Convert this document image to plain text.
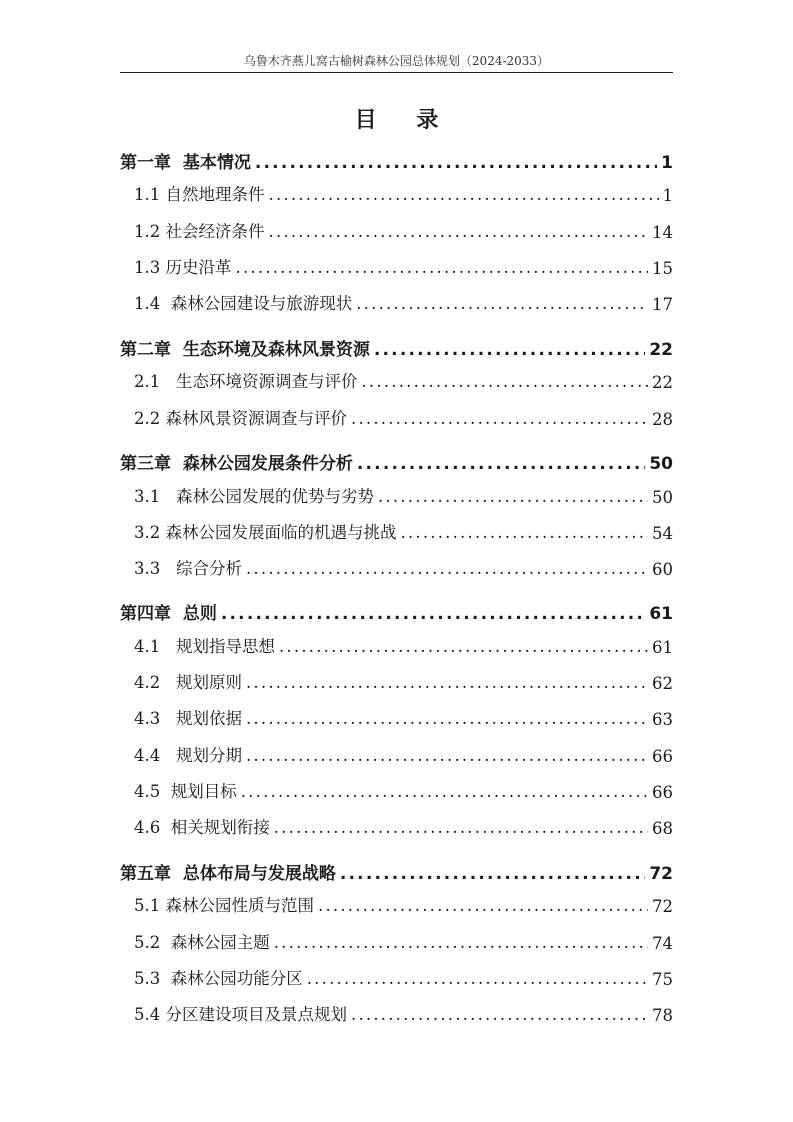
乌鲁木齐燕儿窝古榆树森林公园总体规划（2024-2033）
目 录
第一章  基本情况 .....	1
1.1 自然地理条件 .....	1
1.2 社会经济条件 .....	14
1.3 历史沿革 .....	15
1.4  森林公园建设与旅游现状 .....	17
第二章  生态环境及森林风景资源 .....	22
2.1   生态环境资源调查与评价 .....	22
2.2 森林风景资源调查与评价 .....	28
第三章  森林公园发展条件分析 .....	50
3.1   森林公园发展的优势与劣势 .....	50
3.2 森林公园发展面临的机遇与挑战 .....	54
3.3   综合分析 .....	60
第四章  总则 .....	61
4.1   规划指导思想 .....	61
4.2   规划原则 .....	62
4.3   规划依据 .....	63
4.4   规划分期 .....	66
4.5  规划目标 .....	66
4.6  相关规划衔接 .....	68
第五章  总体布局与发展战略 .....	72
5.1 森林公园性质与范围 .....	72
5.2  森林公园主题 .....	74
5.3  森林公园功能分区 .....	75
5.4 分区建设项目及景点规划 .....	78
